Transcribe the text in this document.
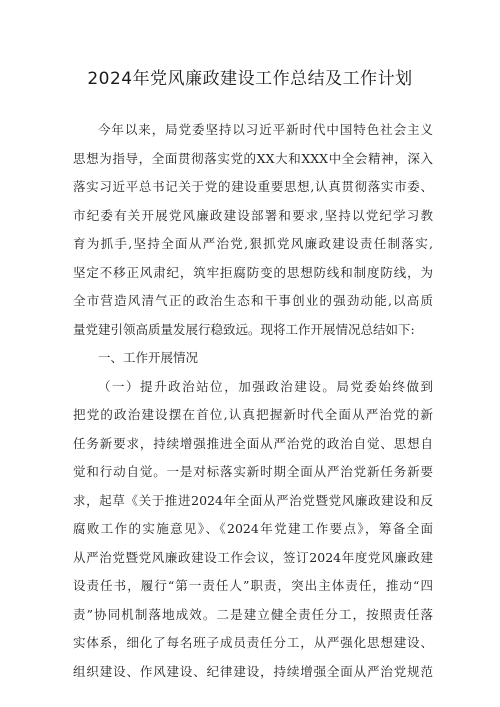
2024年党风廉政建设工作总结及工作计划
今年以来，局党委坚持以习近平新时代中国特色社会主义
思想为指导，全面贯彻落实党的XX大和XXX中全会精神，深入
落实习近平总书记关于党的建设重要思想,认真贯彻落实市委、
市纪委有关开展党风廉政建设部署和要求,坚持以党纪学习教
育为抓手,坚持全面从严治党,狠抓党风廉政建设责任制落实,
坚定不移正风肃纪，筑牢拒腐防变的思想防线和制度防线，为
全市营造风清气正的政治生态和干事创业的强劲动能,以高质
量党建引领高质量发展行稳致远。现将工作开展情况总结如下:
一、工作开展情况
（一）提升政治站位，加强政治建设。局党委始终做到
把党的政治建设摆在首位,认真把握新时代全面从严治党的新
任务新要求，持续增强推进全面从严治党的政治自觉、思想自
觉和行动自觉。一是对标落实新时期全面从严治党新任务新要
求，起草《关于推进2024年全面从严治党暨党风廉政建设和反
腐败工作的实施意见》、《2024年党建工作要点》，筹备全面
从严治党暨党风廉政建设工作会议，签订2024年度党风廉政建
设责任书，履行“第一责任人”职责，突出主体责任，推动“四
责”协同机制落地成效。二是建立健全责任分工，按照责任落
实体系，细化了每名班子成员责任分工，从严强化思想建设、
组织建设、作风建设、纪律建设，持续增强全面从严治党规范
